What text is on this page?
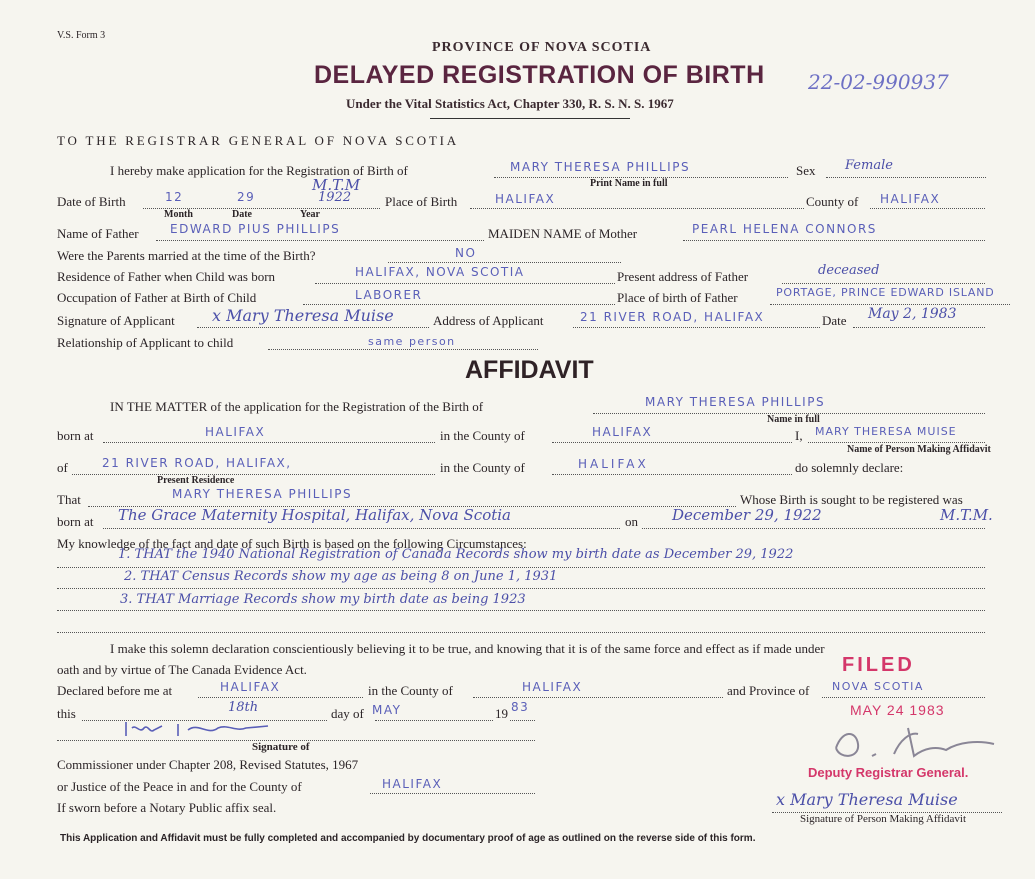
V.S. Form 3
PROVINCE OF NOVA SCOTIA
DELAYED REGISTRATION OF BIRTH 22-02-990937
Under the Vital Statistics Act, Chapter 330, R. S. N. S. 1967
TO THE REGISTRAR GENERAL OF NOVA SCOTIA
I hereby make application for the Registration of Birth of	MARY THERESA PHILLIPS
Print Name in full
Sex Female
Date of Birth	12	29
M.T.M
1922
Month	Date	Year
Place of Birth	HALIFAX	County of HALIFAX
Name of Father	EDWARD PIUS PHILLIPS	MAIDEN NAME of Mother	PEARL HELENA CONNORS
Were the Parents married at the time of the Birth?	NO
Residence of Father when Child was born	HALIFAX, NOVA SCOTIA	Present address of Father	deceased
Occupation of Father at Birth of Child	LABORER	Place of birth of Father	PORTAGE, PRINCE EDWARD ISLAND
Signature of Applicant x Mary Theresa Muise	Address of Applicant	21 RIVER ROAD, HALIFAX	Date May 2, 1983
Relationship of Applicant to child	same person
AFFIDAVIT
IN THE MATTER of the application for the Registration of the Birth of	MARY THERESA PHILLIPS
Name in full
born at	HALIFAX	in the County of	HALIFAX	I, MARY THERESA MUISE
Name of Person Making Affidavit
of	21 RIVER ROAD, HALIFAX,
Present Residence
in the County of	HALIFAX	do solemnly declare:
That	MARY THERESA PHILLIPS	Whose Birth is sought to be registered was
born at The Grace Maternity Hospital, Halifax, Nova Scotia	on December 29, 1922	M.T.M.
My knowledge of the fact and date of such Birth is based on the following Circumstances:
1. THAT the 1940 National Registration of Canada Records show my birth date as December 29, 1922
2. THAT Census Records show my age as being 8 on June 1, 1931
3. THAT Marriage Records show my birth date as being 1923
I make this solemn declaration conscientiously believing it to be true, and knowing that it is of the same force and effect as if made under
oath and by virtue of The Canada Evidence Act.	FILED
MAY 24 1983
Deputy Registrar General.
Declared before me at	HALIFAX	in the County of	HALIFAX	and Province of NOVA SCOTIA
this	18th	day of MAY	19 83
Signature of
Commissioner under Chapter 208, Revised Statutes, 1967
or Justice of the Peace in and for the County of	HALIFAX
If sworn before a Notary Public affix seal.	x Mary Theresa Muise
Signature of Person Making Affidavit
This Application and Affidavit must be fully completed and accompanied by documentary proof of age as outlined on the reverse side of this form.
